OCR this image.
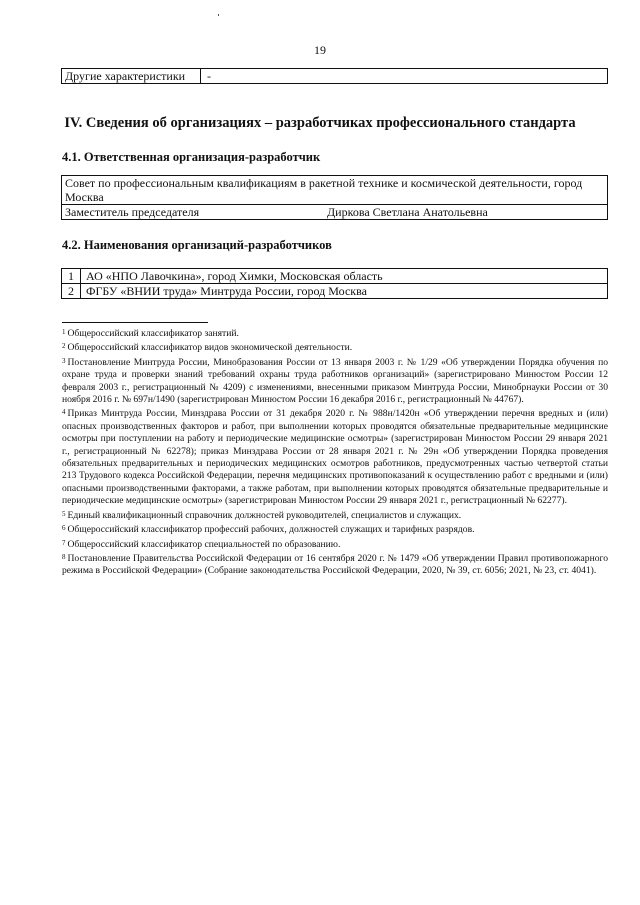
19
Другие характеристики	-
IV. Сведения об организациях – разработчиках профессионального стандарта
4.1. Ответственная организация-разработчик
Совет по профессиональным квалификациям в ракетной технике и космической деятельности, город Москва
Заместитель председателя	Диркова Светлана Анатольевна
4.2. Наименования организаций-разработчиков
1	АО «НПО Лавочкина», город Химки, Московская область
2	ФГБУ «ВНИИ труда» Минтруда России, город Москва

$^1$ Общероссийский классификатор занятий.

$^2$ Общероссийский классификатор видов экономической деятельности.

$^3$ Постановление Минтруда России, Минобразования России от 13 января 2003 г. № 1/29 «Об утверждении Порядка обучения по охране труда и проверки знаний требований охраны труда работников организаций» (зарегистрировано Минюстом России 12 февраля 2003 г., регистрационный № 4209) с изменениями, внесенными приказом Минтруда России, Минобрнауки России от 30 ноября 2016 г. № 697н/1490 (зарегистрирован Минюстом России 16 декабря 2016 г., регистрационный № 44767).

$^4$ Приказ Минтруда России, Минздрава России от 31 декабря 2020 г. № 988н/1420н «Об утверждении перечня вредных и (или) опасных производственных факторов и работ, при выполнении которых проводятся обязательные предварительные медицинские осмотры при поступлении на работу и периодические медицинские осмотры» (зарегистрирован Минюстом России 29 января 2021 г., регистрационный № 62278); приказ Минздрава России от 28 января 2021 г. № 29н «Об утверждении Порядка проведения обязательных предварительных и периодических медицинских осмотров работников, предусмотренных частью четвертой статьи 213 Трудового кодекса Российской Федерации, перечня медицинских противопоказаний к осуществлению работ с вредными и (или) опасными производственными факторами, а также работам, при выполнении которых проводятся обязательные предварительные и периодические медицинские осмотры» (зарегистрирован Минюстом России 29 января 2021 г., регистрационный № 62277).

$^5$ Единый квалификационный справочник должностей руководителей, специалистов и служащих.

$^6$ Общероссийский классификатор профессий рабочих, должностей служащих и тарифных разрядов.

$^7$ Общероссийский классификатор специальностей по образованию.

$^8$ Постановление Правительства Российской Федерации от 16 сентября 2020 г. № 1479 «Об утверждении Правил противопожарного режима в Российской Федерации» (Собрание законодательства Российской Федерации, 2020, № 39, ст. 6056; 2021, № 23, ст. 4041).
